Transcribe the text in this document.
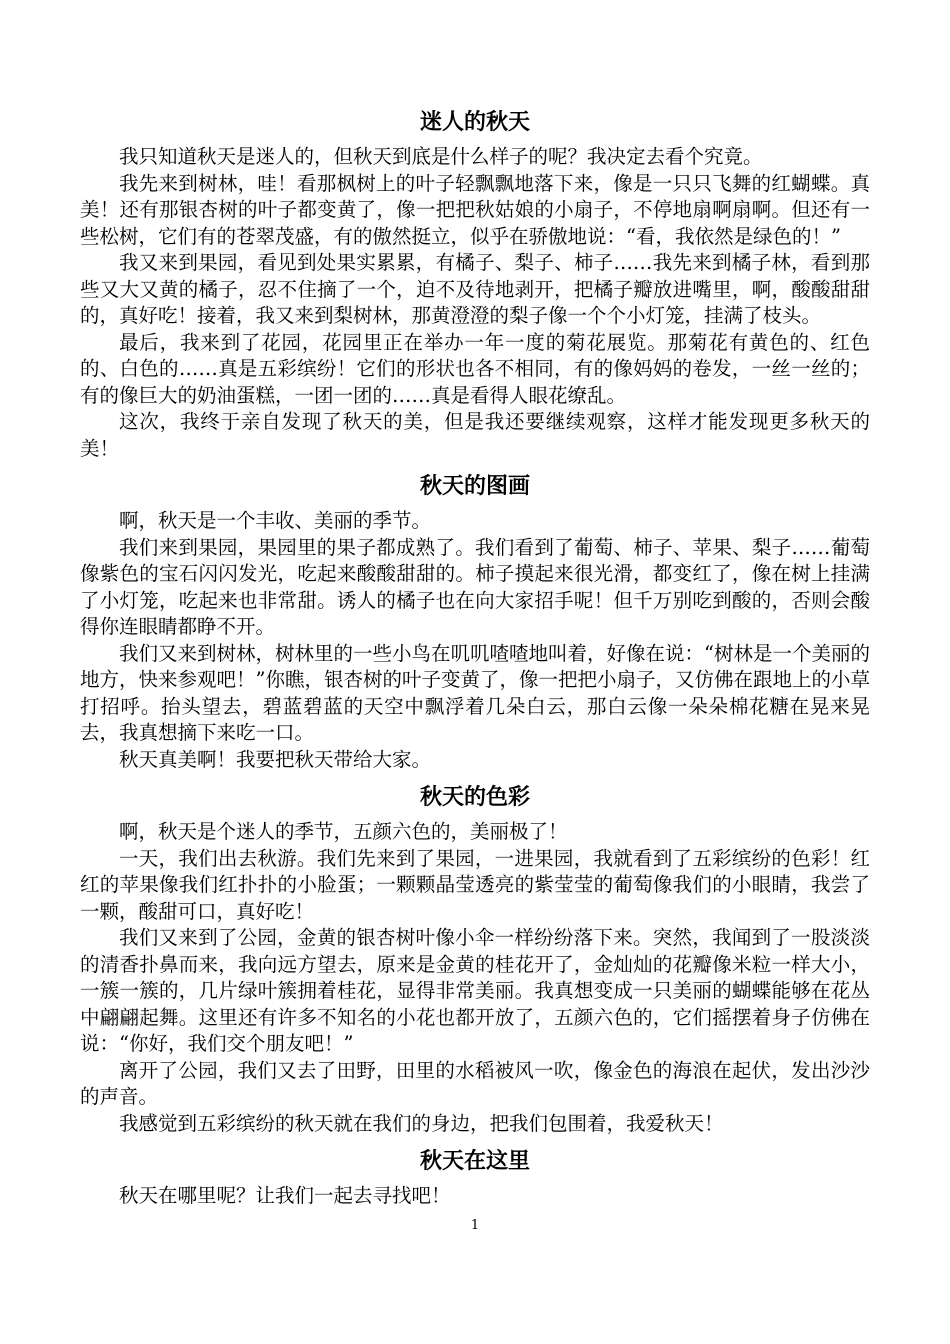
迷人的秋天

我只知道秋天是迷人的，但秋天到底是什么样子的呢？我决定去看个究竟。

我先来到树林，哇！看那枫树上的叶子轻飘飘地落下来，像是一只只飞舞的红蝴蝶。真美！还有那银杏树的叶子都变黄了，像一把把秋姑娘的小扇子，不停地扇啊扇啊。但还有一些松树，它们有的苍翠茂盛，有的傲然挺立，似乎在骄傲地说：“看，我依然是绿色的！”

我又来到果园，看见到处果实累累，有橘子、梨子、柿子……我先来到橘子林，看到那些又大又黄的橘子，忍不住摘了一个，迫不及待地剥开，把橘子瓣放进嘴里，啊，酸酸甜甜的，真好吃！接着，我又来到梨树林，那黄澄澄的梨子像一个个小灯笼，挂满了枝头。

最后，我来到了花园，花园里正在举办一年一度的菊花展览。那菊花有黄色的、红色的、白色的……真是五彩缤纷！它们的形状也各不相同，有的像妈妈的卷发，一丝一丝的；有的像巨大的奶油蛋糕，一团一团的……真是看得人眼花缭乱。

这次，我终于亲自发现了秋天的美，但是我还要继续观察，这样才能发现更多秋天的美！

秋天的图画

啊，秋天是一个丰收、美丽的季节。

我们来到果园，果园里的果子都成熟了。我们看到了葡萄、柿子、苹果、梨子……葡萄像紫色的宝石闪闪发光，吃起来酸酸甜甜的。柿子摸起来很光滑，都变红了，像在树上挂满了小灯笼，吃起来也非常甜。诱人的橘子也在向大家招手呢！但千万别吃到酸的，否则会酸得你连眼睛都睁不开。

我们又来到树林，树林里的一些小鸟在叽叽喳喳地叫着，好像在说：“树林是一个美丽的地方，快来参观吧！”你瞧，银杏树的叶子变黄了，像一把把小扇子，又仿佛在跟地上的小草打招呼。抬头望去，碧蓝碧蓝的天空中飘浮着几朵白云，那白云像一朵朵棉花糖在晃来晃去，我真想摘下来吃一口。

秋天真美啊！我要把秋天带给大家。

秋天的色彩

啊，秋天是个迷人的季节，五颜六色的，美丽极了！

一天，我们出去秋游。我们先来到了果园，一进果园，我就看到了五彩缤纷的色彩！红红的苹果像我们红扑扑的小脸蛋；一颗颗晶莹透亮的紫莹莹的葡萄像我们的小眼睛，我尝了一颗，酸甜可口，真好吃！

我们又来到了公园，金黄的银杏树叶像小伞一样纷纷落下来。突然，我闻到了一股淡淡的清香扑鼻而来，我向远方望去，原来是金黄的桂花开了，金灿灿的花瓣像米粒一样大小，一簇一簇的，几片绿叶簇拥着桂花，显得非常美丽。我真想变成一只美丽的蝴蝶能够在花丛中翩翩起舞。这里还有许多不知名的小花也都开放了，五颜六色的，它们摇摆着身子仿佛在说：“你好，我们交个朋友吧！”

离开了公园，我们又去了田野，田里的水稻被风一吹，像金色的海浪在起伏，发出沙沙的声音。

我感觉到五彩缤纷的秋天就在我们的身边，把我们包围着，我爱秋天！

秋天在这里

秋天在哪里呢？让我们一起去寻找吧！

1
